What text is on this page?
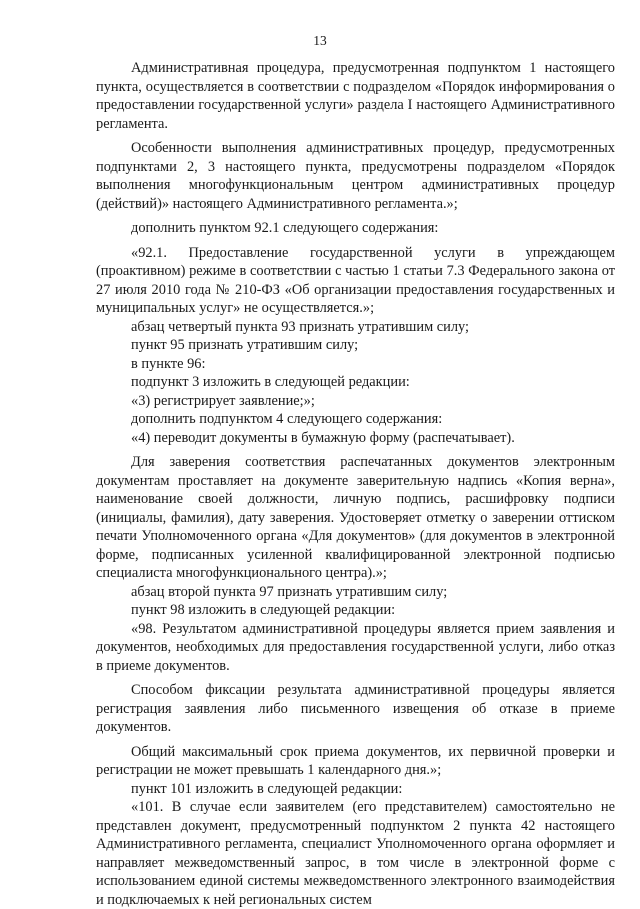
13

Административная процедура, предусмотренная подпунктом 1 настоящего пункта, осуществляется в соответствии с подразделом «Порядок информирования о предоставлении государственной услуги» раздела I настоящего Административного регламента.

Особенности выполнения административных процедур, предусмотренных подпунктами 2, 3 настоящего пункта, предусмотрены подразделом «Порядок выполнения многофункциональным центром административных процедур (действий)» настоящего Административного регламента.»;

дополнить пунктом 92.1 следующего содержания:

«92.1. Предоставление государственной услуги в упреждающем (проактивном) режиме в соответствии с частью 1 статьи 7.3 Федерального закона от 27 июля 2010 года № 210-ФЗ «Об организации предоставления государственных и муниципальных услуг» не осуществляется.»;

абзац четвертый пункта 93 признать утратившим силу;

пункт 95 признать утратившим силу;

в пункте 96:

подпункт 3 изложить в следующей редакции:

«3) регистрирует заявление;»;

дополнить подпунктом 4 следующего содержания:

«4) переводит документы в бумажную форму (распечатывает).

Для заверения соответствия распечатанных документов электронным документам проставляет на документе заверительную надпись «Копия верна», наименование своей должности, личную подпись, расшифровку подписи (инициалы, фамилия), дату заверения. Удостоверяет отметку о заверении оттиском печати Уполномоченного органа «Для документов» (для документов в электронной форме, подписанных усиленной квалифицированной электронной подписью специалиста многофункционального центра).»;

абзац второй пункта 97 признать утратившим силу;

пункт 98 изложить в следующей редакции:

«98. Результатом административной процедуры является прием заявления и документов, необходимых для предоставления государственной услуги, либо отказ в приеме документов.

Способом фиксации результата административной процедуры является регистрация заявления либо письменного извещения об отказе в приеме документов.

Общий максимальный срок приема документов, их первичной проверки и регистрации не может превышать 1 календарного дня.»;

пункт 101 изложить в следующей редакции:

«101. В случае если заявителем (его представителем) самостоятельно не представлен документ, предусмотренный подпунктом 2 пункта 42 настоящего Административного регламента, специалист Уполномоченного органа оформляет и направляет межведомственный запрос, в том числе в электронной форме с использованием единой системы межведомственного электронного взаимодействия и подключаемых к ней региональных систем
